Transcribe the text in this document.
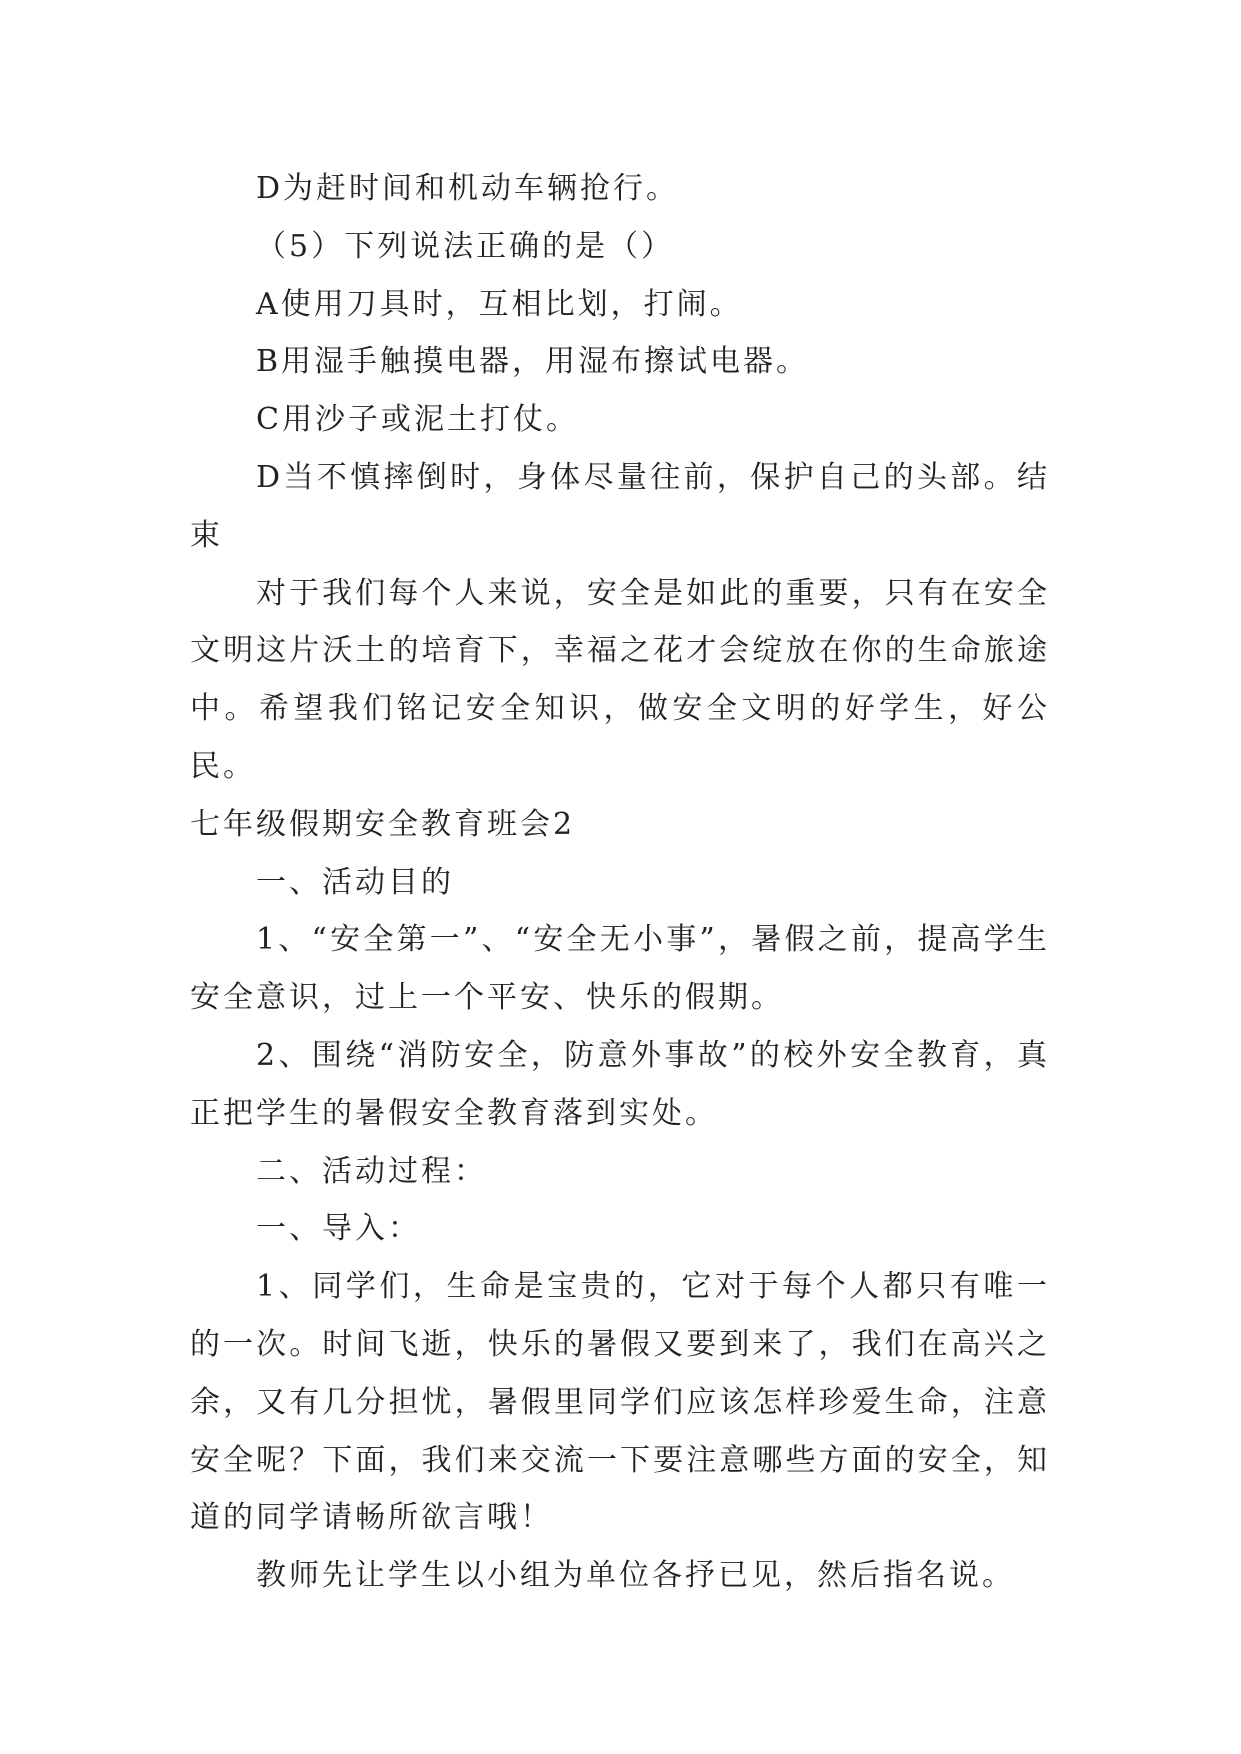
D为赶时间和机动车辆抢行。

（5）下列说法正确的是（）

A使用刀具时，互相比划，打闹。

B用湿手触摸电器，用湿布擦试电器。

C用沙子或泥土打仗。

D当不慎摔倒时，身体尽量往前，保护自己的头部。结束

对于我们每个人来说，安全是如此的重要，只有在安全文明这片沃土的培育下，幸福之花才会绽放在你的生命旅途中。希望我们铭记安全知识，做安全文明的好学生，好公民。

七年级假期安全教育班会2

一、活动目的

1、“安全第一”、“安全无小事”，暑假之前，提高学生安全意识，过上一个平安、快乐的假期。

2、围绕“消防安全，防意外事故”的校外安全教育，真正把学生的暑假安全教育落到实处。

二、活动过程：

一、导入：

1、同学们，生命是宝贵的，它对于每个人都只有唯一的一次。时间飞逝，快乐的暑假又要到来了，我们在高兴之余，又有几分担忧，暑假里同学们应该怎样珍爱生命，注意安全呢？下面，我们来交流一下要注意哪些方面的安全，知道的同学请畅所欲言哦！

教师先让学生以小组为单位各抒已见，然后指名说。
